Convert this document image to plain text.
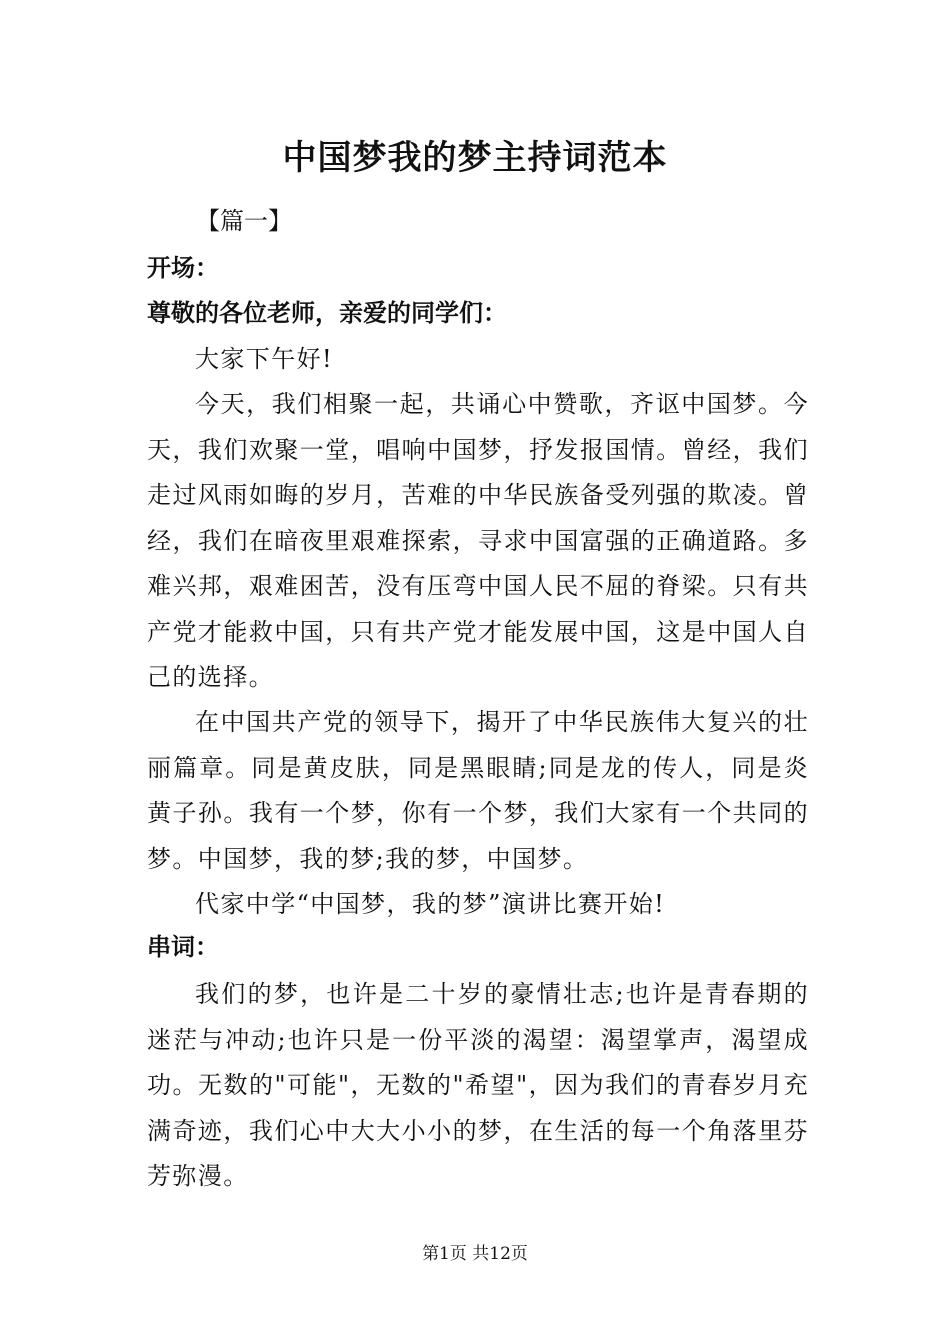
中国梦我的梦主持词范本
【篇一】
开场：
尊敬的各位老师，亲爱的同学们：

大家下午好!

今天，我们相聚一起，共诵心中赞歌，齐讴中国梦。今天，我们欢聚一堂，唱响中国梦，抒发报国情。曾经，我们走过风雨如晦的岁月，苦难的中华民族备受列强的欺凌。曾经，我们在暗夜里艰难探索，寻求中国富强的正确道路。多难兴邦，艰难困苦，没有压弯中国人民不屈的脊梁。只有共产党才能救中国，只有共产党才能发展中国，这是中国人自己的选择。

在中国共产党的领导下，揭开了中华民族伟大复兴的壮丽篇章。同是黄皮肤，同是黑眼睛;同是龙的传人，同是炎黄子孙。我有一个梦，你有一个梦，我们大家有一个共同的梦。中国梦，我的梦;我的梦，中国梦。

代家中学“中国梦，我的梦”演讲比赛开始!

串词：

我们的梦，也许是二十岁的豪情壮志;也许是青春期的迷茫与冲动;也许只是一份平淡的渴望：渴望掌声，渴望成功。无数的"可能"，无数的"希望"，因为我们的青春岁月充满奇迹，我们心中大大小小的梦，在生活的每一个角落里芬芳弥漫。

第1页 共12页
